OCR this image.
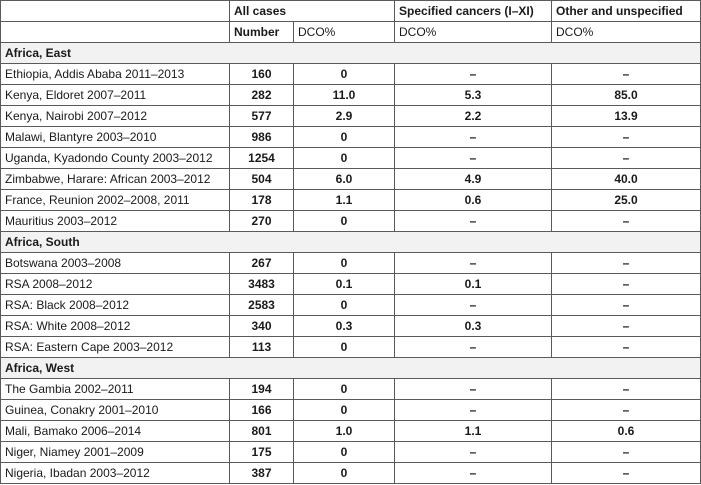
	All cases		Specified cancers (I–XI)	Other and unspecified
	Number	DCO%	DCO%	DCO%
Africa, East				
Ethiopia, Addis Ababa 2011–2013	160	0	–	–
Kenya, Eldoret 2007–2011	282	11.0	5.3	85.0
Kenya, Nairobi 2007–2012	577	2.9	2.2	13.9
Malawi, Blantyre 2003–2010	986	0	–	–
Uganda, Kyadondo County 2003–2012	1254	0	–	–
Zimbabwe, Harare: African 2003–2012	504	6.0	4.9	40.0
France, Reunion 2002–2008, 2011	178	1.1	0.6	25.0
Mauritius 2003–2012	270	0	–	–
Africa, South				
Botswana 2003–2008	267	0	–	–
RSA 2008–2012	3483	0.1	0.1	–
RSA: Black 2008–2012	2583	0	–	–
RSA: White 2008–2012	340	0.3	0.3	–
RSA: Eastern Cape 2003–2012	113	0	–	–
Africa, West				
The Gambia 2002–2011	194	0	–	–
Guinea, Conakry 2001–2010	166	0	–	–
Mali, Bamako 2006–2014	801	1.0	1.1	0.6
Niger, Niamey 2001–2009	175	0	–	–
Nigeria, Ibadan 2003–2012	387	0	–	–
